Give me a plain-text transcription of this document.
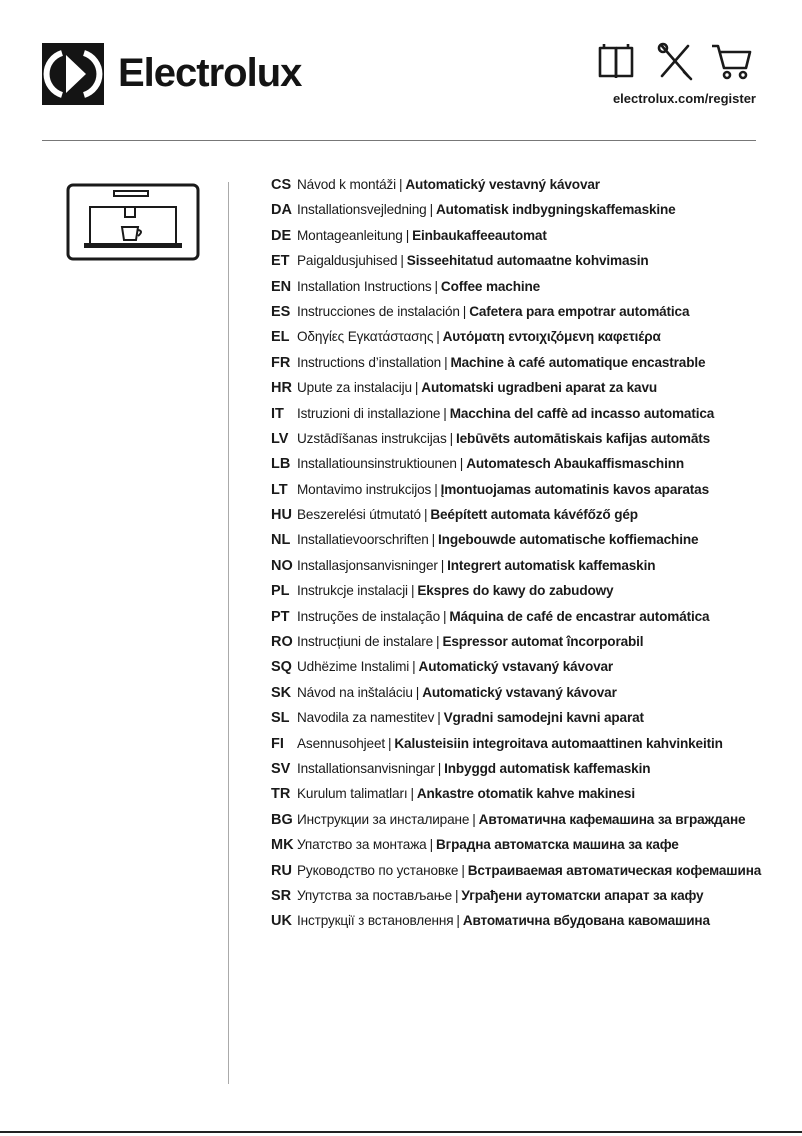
Electrolux
electrolux.com/register
CS Návod k montáži | Automatický vestavný kávovar
DA Installationsvejledning | Automatisk indbygningskaffemaskine
DE Montageanleitung | Einbaukaffeeautomat
ET Paigaldusjuhised | Sisseehitatud automaatne kohvimasin
EN Installation Instructions | Coffee machine
ES Instrucciones de instalación | Cafetera para empotrar automática
EL Οδηγίες Εγκατάστασης | Αυτόματη εντοιχιζόμενη καφετιέρα
FR Instructions d’installation | Machine à café automatique encastrable
HR Upute za instalaciju | Automatski ugradbeni aparat za kavu
IT Istruzioni di installazione | Macchina del caffè ad incasso automatica
LV Uzstādīšanas instrukcijas | Iebūvēts automātiskais kafijas automāts
LB Installatiounsinstruktiounen | Automatesch Abaukaffismaschinn
LT Montavimo instrukcijos | Įmontuojamas automatinis kavos aparatas
HU Beszerelési útmutató | Beépített automata kávéfőző gép
NL Installatievoorschriften | Ingebouwde automatische koffiemachine
NO Installasjonsanvisninger | Integrert automatisk kaffemaskin
PL Instrukcje instalacji | Ekspres do kawy do zabudowy
PT Instruções de instalação | Máquina de café de encastrar automática
RO Instrucțiuni de instalare | Espressor automat încorporabil
SQ Udhëzime Instalimi | Automatický vstavaný kávovar
SK Návod na inštaláciu | Automatický vstavaný kávovar
SL Navodila za namestitev | Vgradni samodejni kavni aparat
FI Asennusohjeet | Kalusteisiin integroitava automaattinen kahvinkeitin
SV Installationsanvisningar | Inbyggd automatisk kaffemaskin
TR Kurulum talimatları | Ankastre otomatik kahve makinesi
BG Инструкции за инсталиране | Автоматична кафемашина за вграждане
MK Упатство за монтажа | Вградна автоматска машина за кафе
RU Руководство по установке | Встраиваемая автоматическая кофемашина
SR Упутства за постављање | Уграђени аутоматски апарат за кафу
UK Інструкції з встановлення | Автоматична вбудована кавомашина
